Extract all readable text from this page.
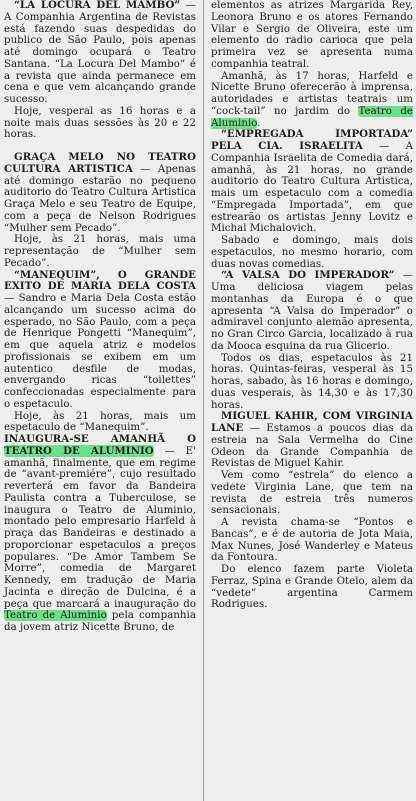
“LA LOCURA DEL MAMBO” — A Companhia Argentina de Revistas está fazendo suas despedidas do publico de São Paulo, pois apenas até domingo ocupará o Teatro Santana. “La Locura Del Mambo” é a revista que ainda permanece em cena e que vem alcançando grande sucesso.

Hoje, vesperal as 16 horas e a noite mais duas sessões às 20 e 22 horas.

GRAÇA MELO NO TEATRO CULTURA ARTISTICA — Apenas até domingo estarão no pequeno auditorio do Teatro Cultura Artistica Graça Melo e seu Teatro de Equipe, com a peça de Nelson Rodrigues “Mulher sem Pecado”.

Hoje, às 21 horas, mais uma representação de “Mulher sem Pecado”.

“MANEQUIM”, O GRANDE EXITO DE MARIA DELA COSTA — Sandro e Maria Dela Costa estão alcançando um sucesso acima do esperado, no São Paulo, com a peça de Henrique Pongetti “Manequim”, em que aquela atriz e modelos profissionais se exibem em um autentico desfile de modas, envergando ricas “toilettes” confeccionadas especialmente para o espetaculo.

Hoje, às 21 horas, mais um espetaculo de “Manequim”.

INAUGURA-SE AMANHÃ O TEATRO DE ALUMINIO — E' amanhã, finalmente, que em regime de “avant-premiére”, cujo resultado reverterá em favor da Bandeira Paulista contra a Tuberculose, se inaugura o Teatro de Aluminio, montado pelo empresario Harfeld à praça das Bandeiras e destinado a proporcionar espetaculos a preços populares. “De Amor Tambem Se Morre”, comedia de Margaret Kennedy, em tradução de Maria Jacinta e direção de Dulcina, é a peça que marcará a inauguração do Teatro de Aluminio pela companhia da jovem atriz Nicette Bruno, de

elementos as atrizes Margarida Rey, Leonora Bruno e os atores Fernando Vilar e Sergio de Oliveira, este um elemento do radio carioca que pela primeira vez se apresenta numa companhia teatral.

Amanhã, às 17 horas, Harfeld e Nicette Bruno oferecerão à imprensa, autoridades e artistas teatrais um “cock-tail” no jardim do Teatro de Aluminio.

“EMPREGADA IMPORTADA” PELA CIA. ISRAELITA — A Companhia Israelita de Comedia dará, amanhã, às 21 horas, no grande auditorio do Teatro Cultura Artistica, mais um espetaculo com a comedia “Empregada Importada”, em que estrearão os artistas Jenny Lovitz e Michal Michalovich.

Sabado e domingo, mais dois espetaculos, no mesmo horario, com duas novas comedias.

“A VALSA DO IMPERADOR” — Uma deliciosa viagem pelas montanhas da Europa é o que apresenta “A Valsa do Imperador” o admiravel conjunto alemão apresenta, no Gran Circo Garcia, localizado à rua da Mooca esquina da rua Glicerio.

Todos os dias, espetaculos às 21 horas. Quintas-feiras, vesperal às 15 horas, sabado, às 16 horas e domingo, duas vesperais, às 14,30 e às 17,30 horas.

MIGUEL KAHIR, COM VIRGINIA LANE — Estamos a poucos dias da estreia na Sala Vermelha do Cine Odeon da Grande Companhia de Revistas de Miguel Kahir.

Vem como “estrela” do elenco a vedete Virginia Lane, que tem na revista de estreia três numeros sensacionais.

A revista chama-se “Pontos e Bancas”, e é de autoria de Jota Maia, Max Nunes, José Wanderley e Mateus da Fontoura.

Do elenco fazem parte Violeta Ferraz, Spina e Grande Otelo, alem da “vedete” argentina Carmem Rodrigues.
